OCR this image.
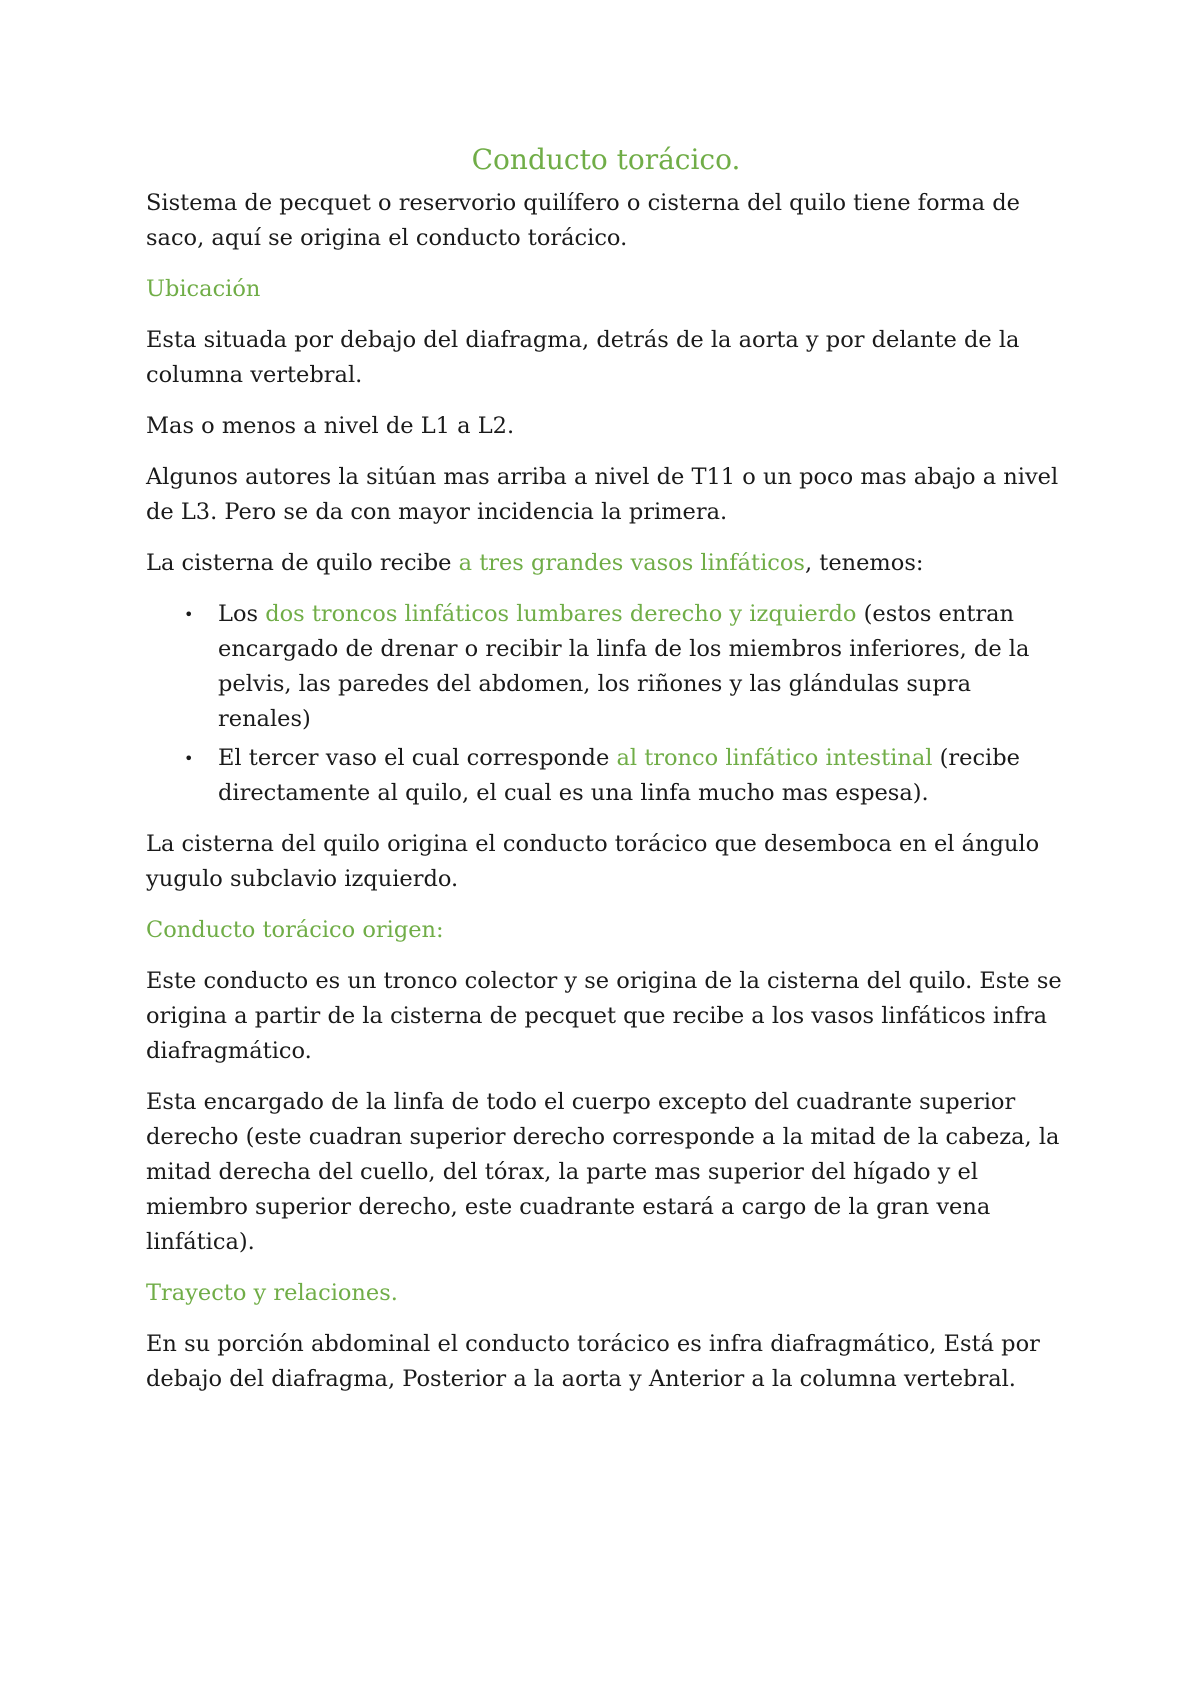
Conducto torácico.

Sistema de pecquet o reservorio quilífero o cisterna del quilo tiene forma de saco, aquí se origina el conducto torácico.

Ubicación

Esta situada por debajo del diafragma, detrás de la aorta y por delante de la columna vertebral.

Mas o menos a nivel de L1 a L2.

Algunos autores la sitúan mas arriba a nivel de T11 o un poco mas abajo a nivel de L3. Pero se da con mayor incidencia la primera.

La cisterna de quilo recibe a tres grandes vasos linfáticos, tenemos:

• Los dos troncos linfáticos lumbares derecho y izquierdo (estos entran encargado de drenar o recibir la linfa de los miembros inferiores, de la pelvis, las paredes del abdomen, los riñones y las glándulas supra renales)
• El tercer vaso el cual corresponde al tronco linfático intestinal (recibe directamente al quilo, el cual es una linfa mucho mas espesa).

La cisterna del quilo origina el conducto torácico que desemboca en el ángulo yugulo subclavio izquierdo.

Conducto torácico origen:

Este conducto es un tronco colector y se origina de la cisterna del quilo. Este se origina a partir de la cisterna de pecquet que recibe a los vasos linfáticos infra diafragmático.

Esta encargado de la linfa de todo el cuerpo excepto del cuadrante superior derecho (este cuadran superior derecho corresponde a la mitad de la cabeza, la mitad derecha del cuello, del tórax, la parte mas superior del hígado y el miembro superior derecho, este cuadrante estará a cargo de la gran vena linfática).

Trayecto y relaciones.

En su porción abdominal el conducto torácico es infra diafragmático, Está por debajo del diafragma, Posterior a la aorta y Anterior a la columna vertebral.
